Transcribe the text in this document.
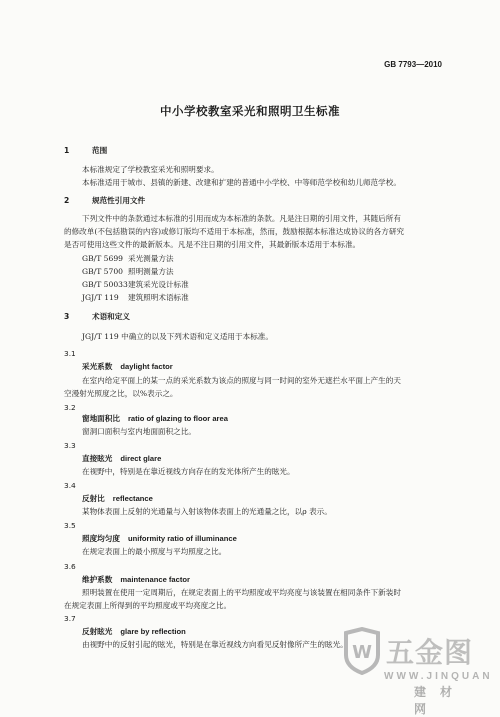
GB 7793—2010
中小学校教室采光和照明卫生标准
1	范围
本标准规定了学校教室采光和照明要求。
本标准适用于城市、县镇的新建、改建和扩建的普通中小学校、中等师范学校和幼儿师范学校。
2	规范性引用文件
下列文件中的条款通过本标准的引用而成为本标准的条款。凡是注日期的引用文件，其随后所有
的修改单(不包括勘误的内容)或修订版均不适用于本标准，然而，鼓励根据本标准达成协议的各方研究
是否可使用这些文件的最新版本。凡是不注日期的引用文件，其最新版本适用于本标准。
GB/T 5699 采光测量方法
GB/T 5700 照明测量方法
GB/T 50033建筑采光设计标准
JGJ/T 119 建筑照明术语标准
3	术语和定义
JGJ/T 119 中确立的以及下列术语和定义适用于本标准。
3.1
采光系数 daylight factor
在室内给定平面上的某一点的采光系数为该点的照度与同一时间的室外无遮拦水平面上产生的天
空漫射光照度之比，以%表示之。
3.2
窗地面积比 ratio of glazing to floor area
窗洞口面积与室内地面面积之比。
3.3
直接眩光 direct glare
在视野中，特别是在靠近视线方向存在的发光体所产生的眩光。
3.4
反射比 reflectance
某物体表面上反射的光通量与入射该物体表面上的光通量之比，以ρ 表示。
3.5
照度均匀度 uniformity ratio of illuminance
在规定表面上的最小照度与平均照度之比。
3.6
维护系数 maintenance factor
照明装置在使用一定周期后，在规定表面上的平均照度或平均亮度与该装置在相同条件下新装时
在规定表面上所得到的平均照度或平均亮度之比。
3.7
反射眩光 glare by reflection
由视野中的反射引起的眩光，特别是在靠近视线方向看见反射像所产生的眩光。 W 五金图
WWW.JINQUAN
建材网
